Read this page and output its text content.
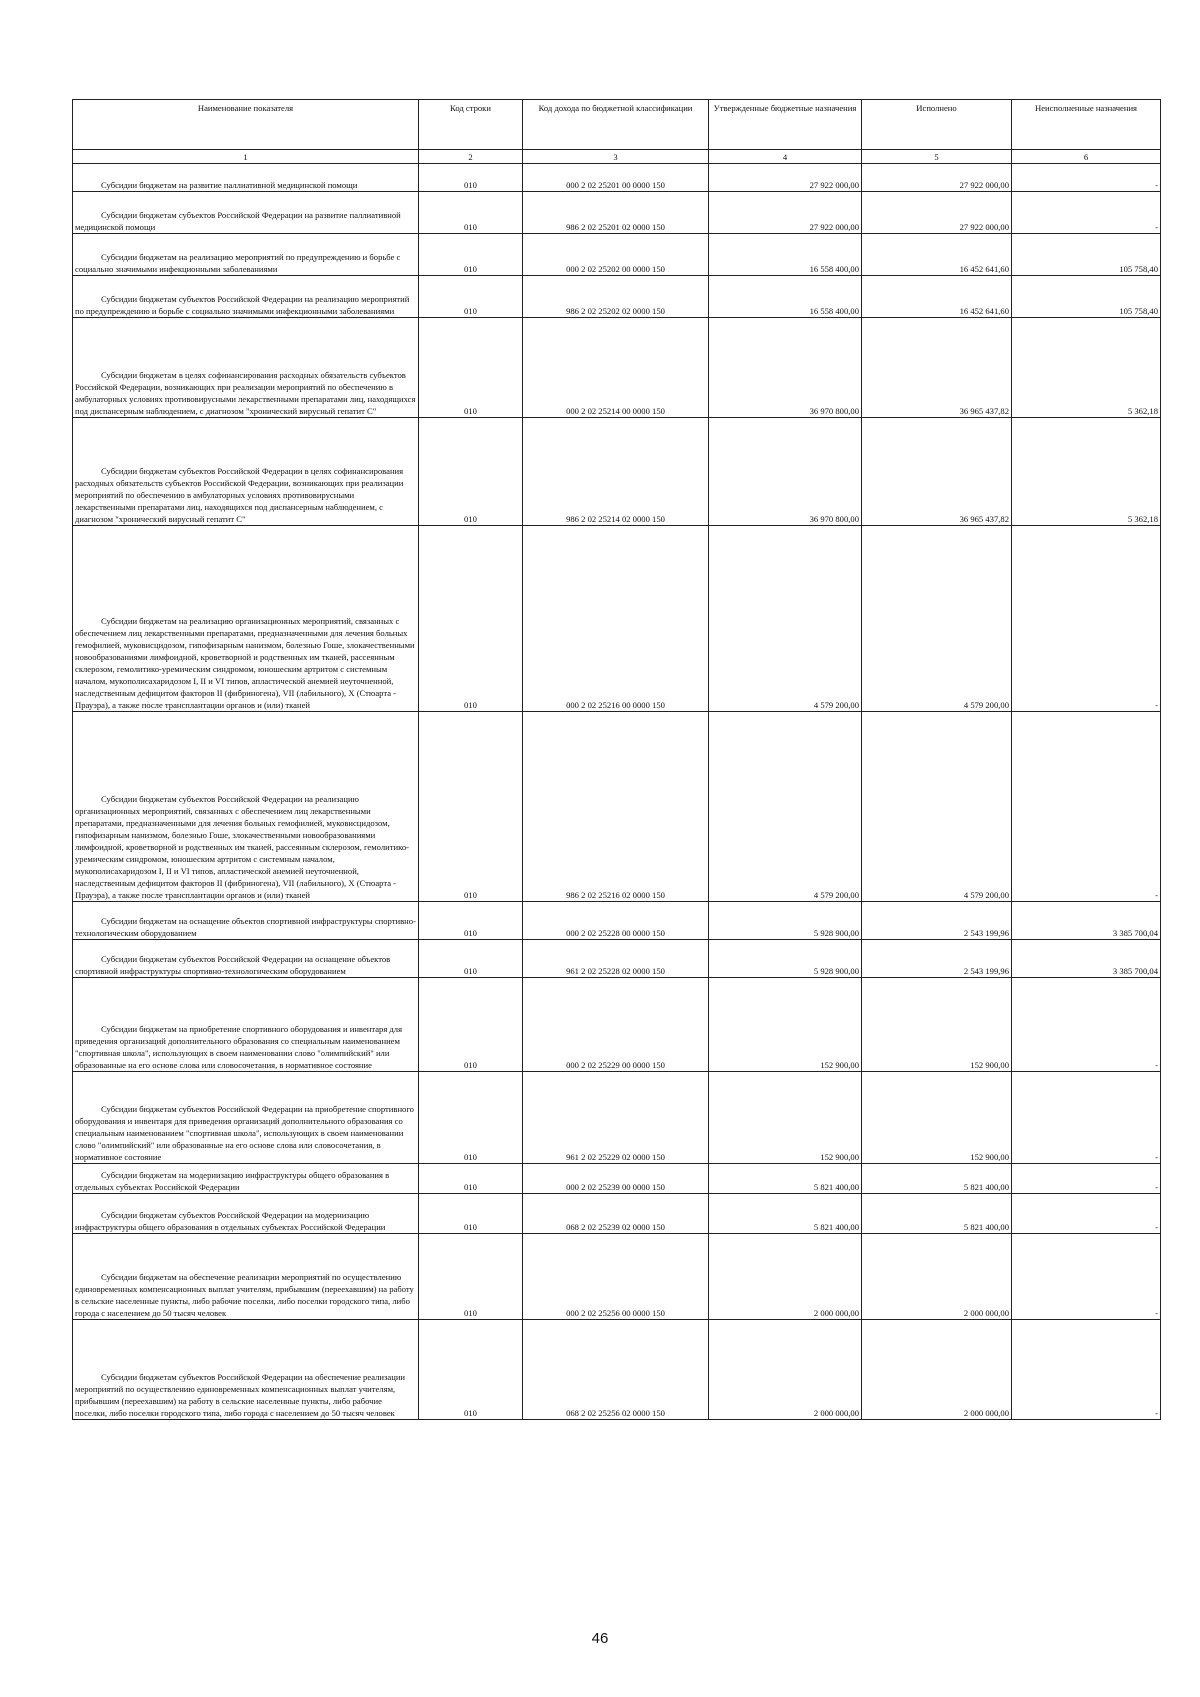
Наименование показателя	Код строки	Код дохода по бюджетной классификации	Утвержденные бюджетные назначения	Исполнено	Неисполненные назначения
1	2	3	4	5	6
Субсидии бюджетам на развитие паллиативной медицинской помощи	010	000 2 02 25201 00 0000 150	27 922 000,00	27 922 000,00	-
Субсидии бюджетам субъектов Российской Федерации на развитие паллиативной медицинской помощи	010	986 2 02 25201 02 0000 150	27 922 000,00	27 922 000,00	-
Субсидии бюджетам на реализацию мероприятий по предупреждению и борьбе с социально значимыми инфекционными заболеваниями	010	000 2 02 25202 00 0000 150	16 558 400,00	16 452 641,60	105 758,40
Субсидии бюджетам субъектов Российской Федерации на реализацию мероприятий по предупреждению и борьбе с социально значимыми инфекционными заболеваниями	010	986 2 02 25202 02 0000 150	16 558 400,00	16 452 641,60	105 758,40
Субсидии бюджетам в целях софинансирования расходных обязательств субъектов Российской Федерации, возникающих при реализации мероприятий по обеспечению в амбулаторных условиях противовирусными лекарственными препаратами лиц, находящихся под диспансерным наблюдением, с диагнозом "хронический вирусный гепатит С"	010	000 2 02 25214 00 0000 150	36 970 800,00	36 965 437,82	5 362,18
Субсидии бюджетам субъектов Российской Федерации в целях софинансирования расходных обязательств субъектов Российской Федерации, возникающих при реализации мероприятий по обеспечению в амбулаторных условиях противовирусными лекарственными препаратами лиц, находящихся под диспансерным наблюдением, с диагнозом "хронический вирусный гепатит С"	010	986 2 02 25214 02 0000 150	36 970 800,00	36 965 437,82	5 362,18
Субсидии бюджетам на реализацию организационных мероприятий, связанных с обеспечением лиц лекарственными препаратами, предназначенными для лечения больных гемофилией, муковисцидозом, гипофизарным нанизмом, болезнью Гоше, злокачественными новообразованиями лимфоидной, кроветворной и родственных им тканей, рассеянным склерозом, гемолитико-уремическим синдромом, юношеским артритом с системным началом, мукополисахаридозом I, II и VI типов, апластической анемией неуточненной, наследственным дефицитом факторов II (фибриногена), VII (лабильного), X (Стюарта - Прауэра), а также после трансплантации органов и (или) тканей	010	000 2 02 25216 00 0000 150	4 579 200,00	4 579 200,00	-
Субсидии бюджетам субъектов Российской Федерации на реализацию организационных мероприятий, связанных с обеспечением лиц лекарственными препаратами, предназначенными для лечения больных гемофилией, муковисцидозом, гипофизарным нанизмом, болезнью Гоше, злокачественными новообразованиями лимфоидной, кроветворной и родственных им тканей, рассеянным склерозом, гемолитико-уремическим синдромом, юношеским артритом с системным началом, мукополисахаридозом I, II и VI типов, апластической анемией неуточненной, наследственным дефицитом факторов II (фибриногена), VII (лабильного), X (Стюарта - Прауэра), а также после трансплантации органов и (или) тканей	010	986 2 02 25216 02 0000 150	4 579 200,00	4 579 200,00	-
Субсидии бюджетам на оснащение объектов спортивной инфраструктуры спортивно-технологическим оборудованием	010	000 2 02 25228 00 0000 150	5 928 900,00	2 543 199,96	3 385 700,04
Субсидии бюджетам субъектов Российской Федерации на оснащение объектов спортивной инфраструктуры спортивно-технологическим оборудованием	010	961 2 02 25228 02 0000 150	5 928 900,00	2 543 199,96	3 385 700,04
Субсидии бюджетам на приобретение спортивного оборудования и инвентаря для приведения организаций дополнительного образования со специальным наименованием "спортивная школа", использующих в своем наименовании слово "олимпийский" или образованные на его основе слова или словосочетания, в нормативное состояние	010	000 2 02 25229 00 0000 150	152 900,00	152 900,00	-
Субсидии бюджетам субъектов Российской Федерации на приобретение спортивного оборудования и инвентаря для приведения организаций дополнительного образования со специальным наименованием "спортивная школа", использующих в своем наименовании слово "олимпийский" или образованные на его основе слова или словосочетания, в нормативное состояние	010	961 2 02 25229 02 0000 150	152 900,00	152 900,00	-
Субсидии бюджетам на модернизацию инфраструктуры общего образования в отдельных субъектах Российской Федерации	010	000 2 02 25239 00 0000 150	5 821 400,00	5 821 400,00	-
Субсидии бюджетам субъектов Российской Федерации на модернизацию инфраструктуры общего образования в отдельных субъектах Российской Федерации	010	068 2 02 25239 02 0000 150	5 821 400,00	5 821 400,00	-
Субсидии бюджетам на обеспечение реализации мероприятий по осуществлению единовременных компенсационных выплат учителям, прибывшим (переехавшим) на работу в сельские населенные пункты, либо рабочие поселки, либо поселки городского типа, либо города с населением до 50 тысяч человек	010	000 2 02 25256 00 0000 150	2 000 000,00	2 000 000,00	-
Субсидии бюджетам субъектов Российской Федерации на обеспечение реализации мероприятий по осуществлению единовременных компенсационных выплат учителям, прибывшим (переехавшим) на работу в сельские населенные пункты, либо рабочие поселки, либо поселки городского типа, либо города с населением до 50 тысяч человек	010	068 2 02 25256 02 0000 150	2 000 000,00	2 000 000,00	-
46
